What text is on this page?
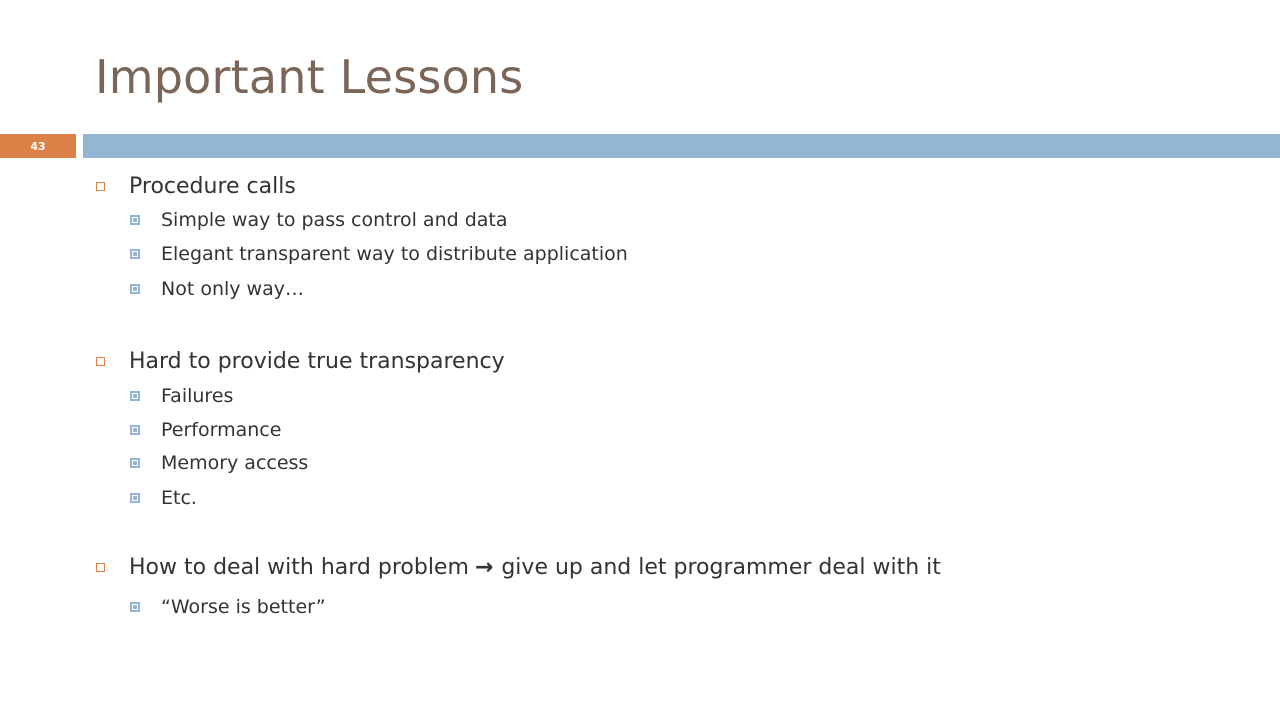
Important Lessons
43
Procedure calls
Simple way to pass control and data
Elegant transparent way to distribute application
Not only way…
Hard to provide true transparency
Failures
Performance
Memory access
Etc.
How to deal with hard problem → give up and let programmer deal with it
“Worse is better”
